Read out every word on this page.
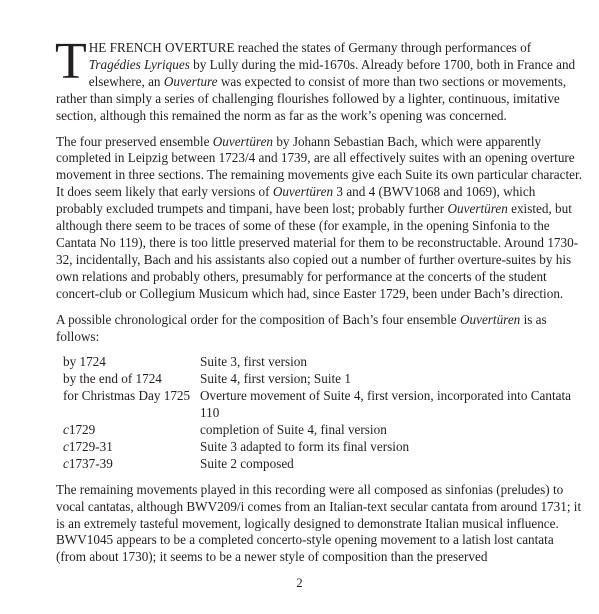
THE FRENCH OVERTURE reached the states of Germany through performances of Tragédies Lyriques by Lully during the mid-1670s. Already before 1700, both in France and elsewhere, an Ouverture was expected to consist of more than two sections or movements, rather than simply a series of challenging flourishes followed by a lighter, continuous, imitative section, although this remained the norm as far as the work’s opening was concerned.

The four preserved ensemble Ouvertüren by Johann Sebastian Bach, which were apparently completed in Leipzig between 1723/4 and 1739, are all effectively suites with an opening overture movement in three sections. The remaining movements give each Suite its own particular character. It does seem likely that early versions of Ouvertüren 3 and 4 (BWV1068 and 1069), which probably excluded trumpets and timpani, have been lost; probably further Ouvertüren existed, but although there seem to be traces of some of these (for example, in the opening Sinfonia to the Cantata No 119), there is too little preserved material for them to be reconstructable. Around 1730-32, incidentally, Bach and his assistants also copied out a number of further overture-suites by his own relations and probably others, presumably for performance at the concerts of the student concert-club or Collegium Musicum which had, since Easter 1729, been under Bach’s direction.

A possible chronological order for the composition of Bach’s four ensemble Ouvertüren is as follows:

by 1724	Suite 3, first version
by the end of 1724	Suite 4, first version; Suite 1
for Christmas Day 1725	Overture movement of Suite 4, first version, incorporated into Cantata 110
c1729	completion of Suite 4, final version
c1729-31	Suite 3 adapted to form its final version
c1737-39	Suite 2 composed

The remaining movements played in this recording were all composed as sinfonias (preludes) to vocal cantatas, although BWV209/i comes from an Italian-text secular cantata from around 1731; it is an extremely tasteful movement, logically designed to demonstrate Italian musical influence. BWV1045 appears to be a completed concerto-style opening movement to a latish lost cantata (from about 1730); it seems to be a newer style of composition than the preserved

2
